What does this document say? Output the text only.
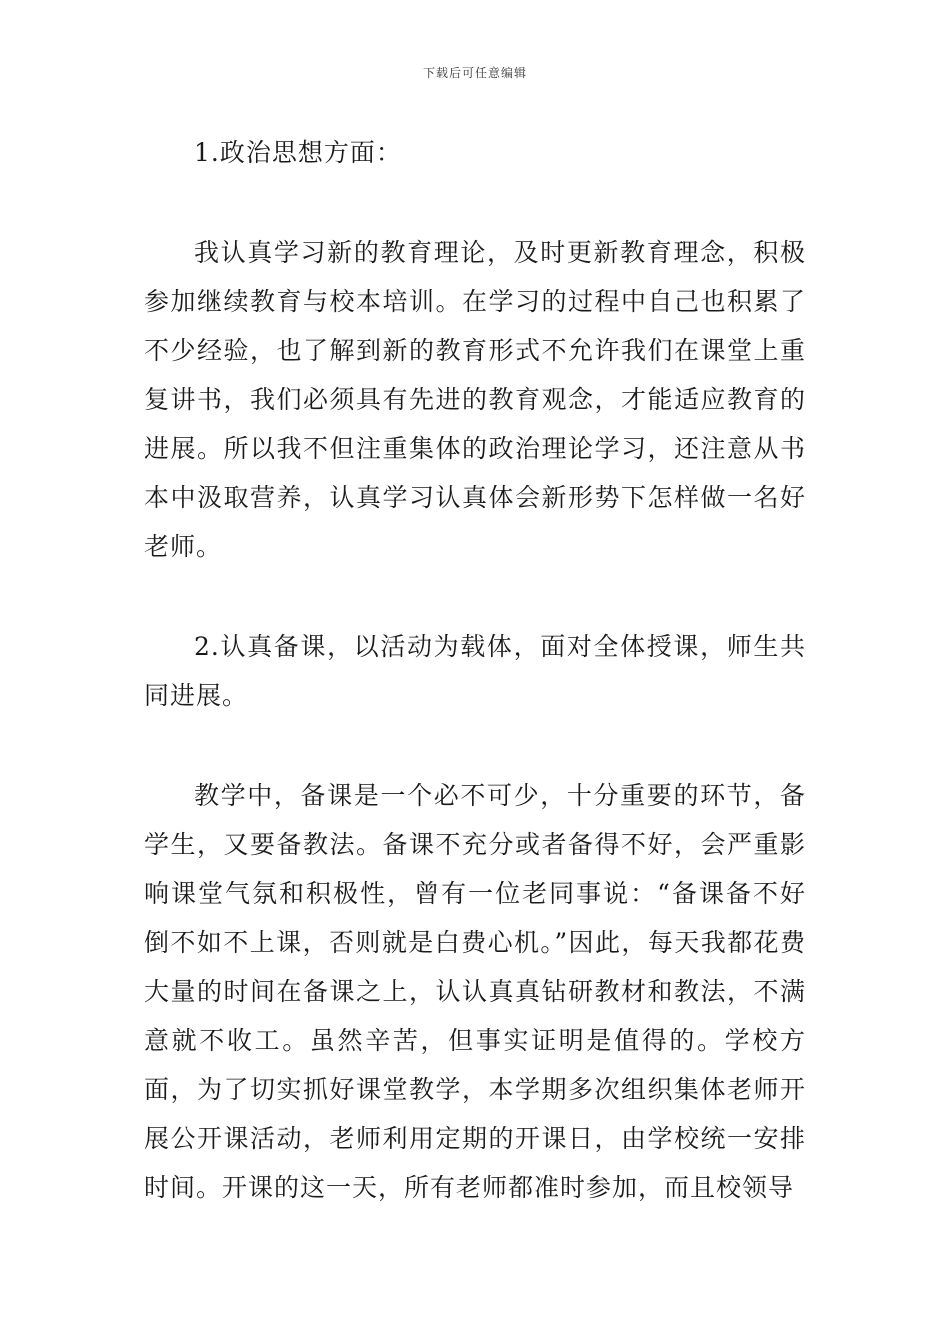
下载后可任意编辑

1.政治思想方面：

我认真学习新的教育理论，及时更新教育理念，积极参加继续教育与校本培训。在学习的过程中自己也积累了不少经验，也了解到新的教育形式不允许我们在课堂上重复讲书，我们必须具有先进的教育观念，才能适应教育的进展。所以我不但注重集体的政治理论学习，还注意从书本中汲取营养，认真学习认真体会新形势下怎样做一名好老师。

2.认真备课，以活动为载体，面对全体授课，师生共同进展。

教学中，备课是一个必不可少，十分重要的环节，备学生，又要备教法。备课不充分或者备得不好，会严重影响课堂气氛和积极性，曾有一位老同事说：“备课备不好倒不如不上课，否则就是白费心机。”因此，每天我都花费大量的时间在备课之上，认认真真钻研教材和教法，不满意就不收工。虽然辛苦，但事实证明是值得的。学校方面，为了切实抓好课堂教学，本学期多次组织集体老师开展公开课活动，老师利用定期的开课日，由学校统一安排时间。开课的这一天，所有老师都准时参加，而且校领导
